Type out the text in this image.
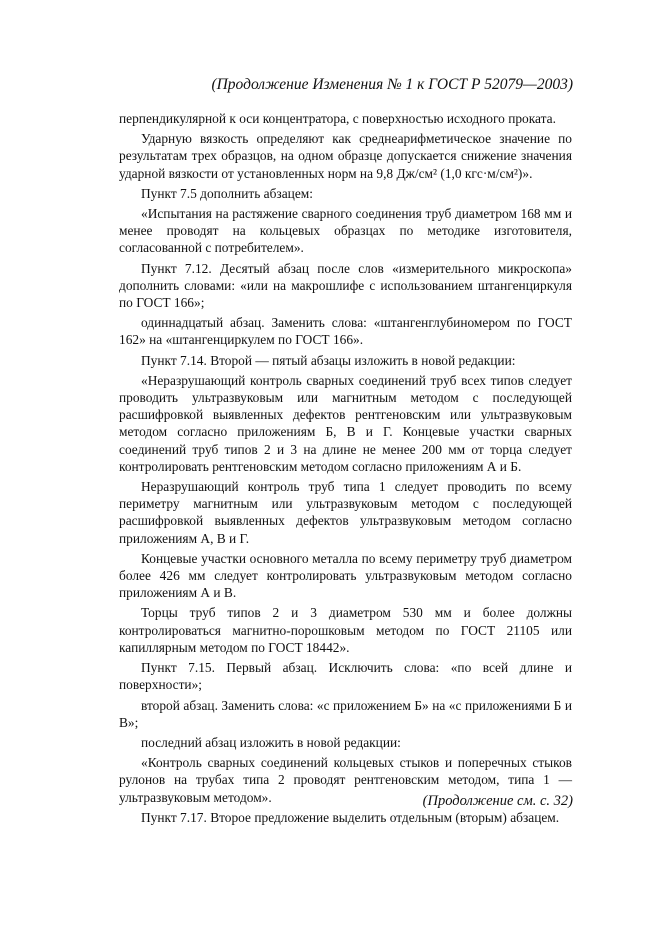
(Продолжение Изменения № 1 к ГОСТ Р 52079—2003)

перпендикулярной к оси концентратора, с поверхностью исходного проката.

Ударную вязкость определяют как среднеарифметическое значение по результатам трех образцов, на одном образце допускается снижение значения ударной вязкости от установленных норм на 9,8 Дж/см² (1,0 кгс·м/см²)».

Пункт 7.5 дополнить абзацем:

«Испытания на растяжение сварного соединения труб диаметром 168 мм и менее проводят на кольцевых образцах по методике изготовителя, согласованной с потребителем».

Пункт 7.12. Десятый абзац после слов «измерительного микроскопа» дополнить словами: «или на макрошлифе с использованием штангенциркуля по ГОСТ 166»;

одиннадцатый абзац. Заменить слова: «штангенглубиномером по ГОСТ 162» на «штангенциркулем по ГОСТ 166».

Пункт 7.14. Второй — пятый абзацы изложить в новой редакции:

«Неразрушающий контроль сварных соединений труб всех типов следует проводить ультразвуковым или магнитным методом с последующей расшифровкой выявленных дефектов рентгеновским или ультразвуковым методом согласно приложениям Б, В и Г. Концевые участки сварных соединений труб типов 2 и 3 на длине не менее 200 мм от торца следует контролировать рентгеновским методом согласно приложениям А и Б.

Неразрушающий контроль труб типа 1 следует проводить по всему периметру магнитным или ультразвуковым методом с последующей расшифровкой выявленных дефектов ультразвуковым методом согласно приложениям А, В и Г.

Концевые участки основного металла по всему периметру труб диаметром более 426 мм следует контролировать ультразвуковым методом согласно приложениям А и В.

Торцы труб типов 2 и 3 диаметром 530 мм и более должны контролироваться магнитно-порошковым методом по ГОСТ 21105 или капиллярным методом по ГОСТ 18442».

Пункт 7.15. Первый абзац. Исключить слова: «по всей длине и поверхности»;

второй абзац. Заменить слова: «с приложением Б» на «с приложениями Б и В»;

последний абзац изложить в новой редакции:

«Контроль сварных соединений кольцевых стыков и поперечных стыков рулонов на трубах типа 2 проводят рентгеновским методом, типа 1 — ультразвуковым методом».

Пункт 7.17. Второе предложение выделить отдельным (вторым) абзацем.

(Продолжение см. с. 32)
